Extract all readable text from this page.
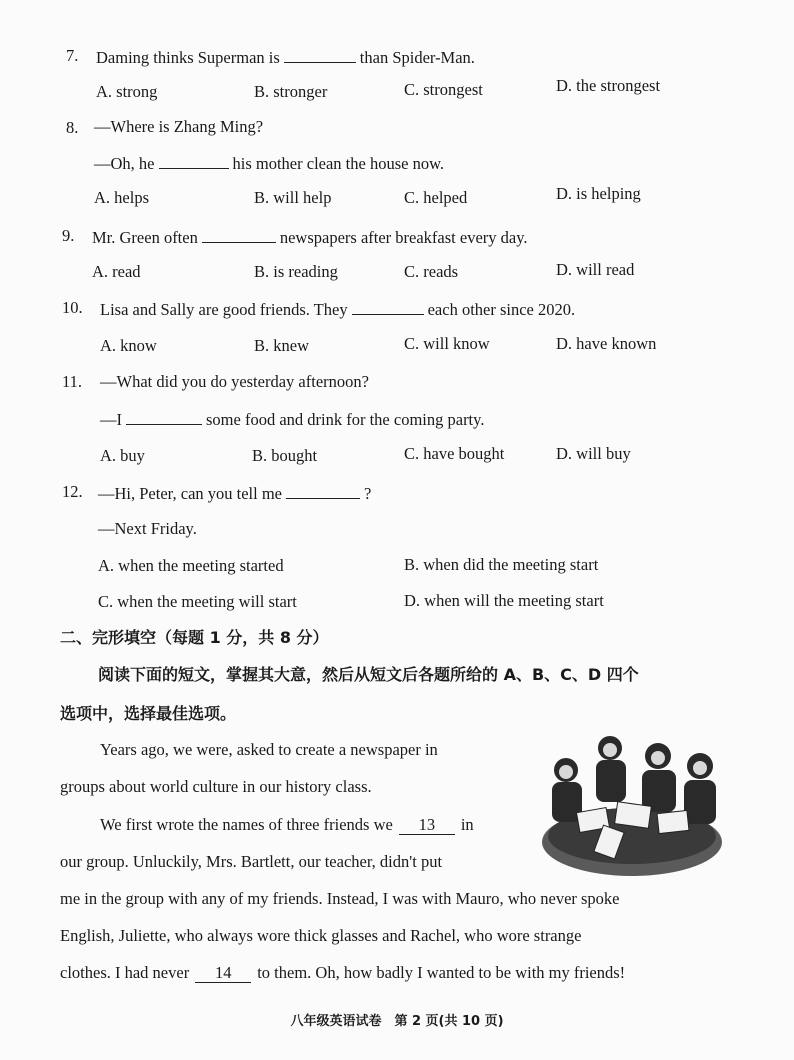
7. Daming thinks Superman is	than Spider-Man.
A. strong	B. stronger	C. strongest	D. the strongest
8. —Where is Zhang Ming?
—Oh, he	his mother clean the house now.
A. helps	B. will help	C. helped	D. is helping
9. Mr. Green often	newspapers after breakfast every day.
A. read	B. is reading	C. reads	D. will read
10. Lisa and Sally are good friends. They	each other since 2020.
A. know	B. knew	C. will know	D. have known
11. —What did you do yesterday afternoon?
—I	some food and drink for the coming party.
A. buy	B. bought	C. have bought	D. will buy
12. —Hi, Peter, can you tell me	?
—Next Friday.
A. when the meeting started	B. when did the meeting start
C. when the meeting will start	D. when will the meeting start
二、完形填空（每题 1 分，共 8 分）
阅读下面的短文，掌握其大意，然后从短文后各题所给的 A、B、C、D 四个
选项中，选择最佳选项。
Years ago, we were, asked to create a newspaper in
groups about world culture in our history class.
We first wrote the names of three friends we 13 in
our group. Unluckily, Mrs. Bartlett, our teacher, didn't put
me in the group with any of my friends. Instead, I was with Mauro, who never spoke
English, Juliette, who always wore thick glasses and Rachel, who wore strange
clothes. I had never 14 to them. Oh, how badly I wanted to be with my friends!
八年级英语试卷　第 2 页(共 10 页)
